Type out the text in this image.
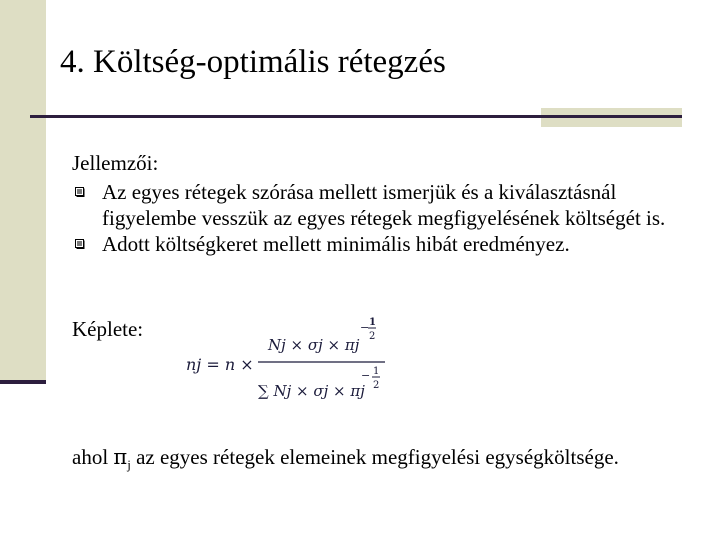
4. Költség-optimális rétegzés
Jellemzői:
Az egyes rétegek szórása mellett ismerjük és a kiválasztásnál figyelembe vesszük az egyes rétegek megfigyelésének költségét is.
Adott költségkeret mellett minimális hibát eredményez.
Képlete:
nj = n ×
Nj × σj × πj
− 1
2
∑ Nj × σj × πj
− 1
2
ahol $\pi_j$ az egyes rétegek elemeinek megfigyelési egységköltsége.
